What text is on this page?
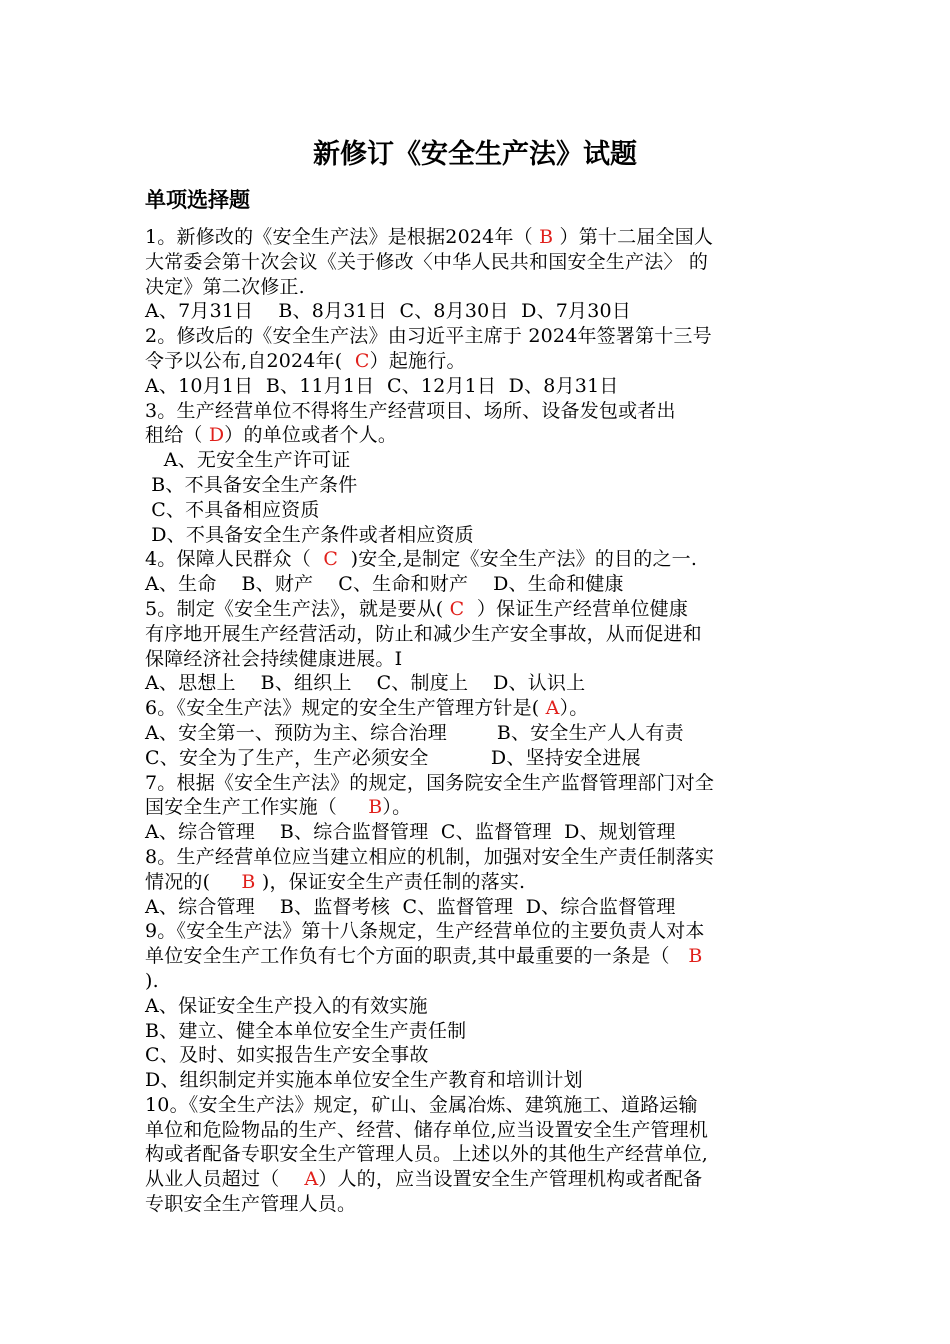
新修订《安全生产法》试题
单项选择题
1。新修改的《安全生产法》是根据2024年（ B ）第十二届全国人
大常委会第十次会议《关于修改〈中华人民共和国安全生产法〉 的
决定》第二次修正.
A、7月31日    B、8月31日  C、8月30日  D、7月30日
2。修改后的《安全生产法》由习近平主席于 2024年签署第十三号
令予以公布,自2024年(  C）起施行。
A、10月1日  B、11月1日  C、12月1日  D、8月31日
3。生产经营单位不得将生产经营项目、场所、设备发包或者出
租给（ D）的单位或者个人。
A、无安全生产许可证
B、不具备安全生产条件
C、不具备相应资质
D、不具备安全生产条件或者相应资质
4。保障人民群众（  C  )安全,是制定《安全生产法》的目的之一.
A、生命    B、财产    C、生命和财产    D、生命和健康
5。制定《安全生产法》，就是要从( C  ）保证生产经营单位健康
有序地开展生产经营活动，防止和减少生产安全事故，从而促进和
保障经济社会持续健康进展。I
A、思想上    B、组织上    C、制度上    D、认识上
6。《安全生产法》规定的安全生产管理方针是( A）。
A、安全第一、预防为主、综合治理        B、安全生产人人有责
C、安全为了生产，生产必须安全          D、坚持安全进展
7。根据《安全生产法》的规定，国务院安全生产监督管理部门对全
国安全生产工作实施（     B）。
A、综合管理    B、综合监督管理  C、监督管理  D、规划管理
8。生产经营单位应当建立相应的机制，加强对安全生产责任制落实
情况的(     B )，保证安全生产责任制的落实.
A、综合管理    B、监督考核  C、监督管理  D、综合监督管理
9。《安全生产法》第十八条规定，生产经营单位的主要负责人对本
单位安全生产工作负有七个方面的职责,其中最重要的一条是（   B
).
A、保证安全生产投入的有效实施
B、建立、健全本单位安全生产责任制
C、及时、如实报告生产安全事故
D、组织制定并实施本单位安全生产教育和培训计划
10。《安全生产法》规定，矿山、金属冶炼、建筑施工、道路运输
单位和危险物品的生产、经营、储存单位,应当设置安全生产管理机
构或者配备专职安全生产管理人员。上述以外的其他生产经营单位,
从业人员超过（    A）人的，应当设置安全生产管理机构或者配备
专职安全生产管理人员。
